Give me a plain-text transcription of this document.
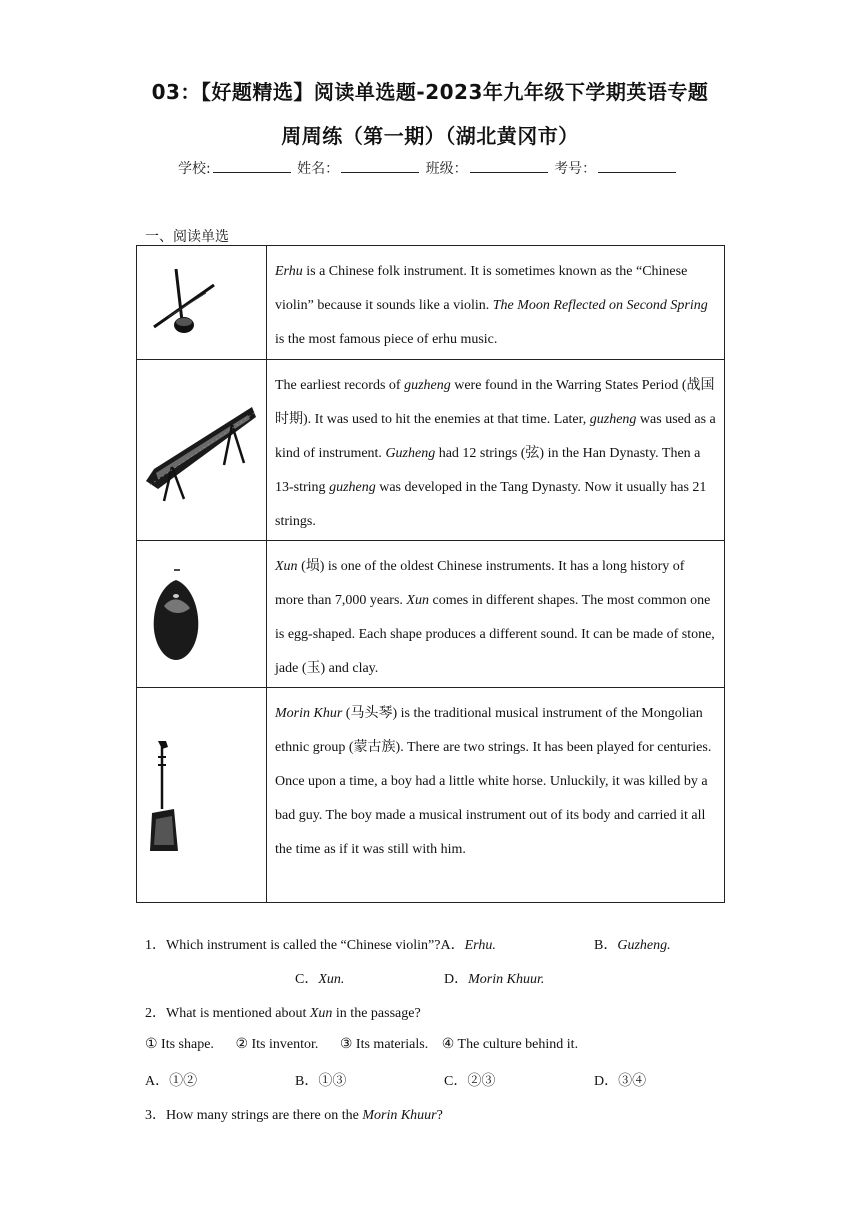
03：【好题精选】阅读单选题-2023年九年级下学期英语专题
周周练（第一期）（湖北黄冈市）
学校:	姓名：	班级：	考号：
一、阅读单选
	Erhu is a Chinese folk instrument. It is sometimes known as the “Chinese violin” because it sounds like a violin. The Moon Reflected on Second Spring is the most famous piece of erhu music.

	The earliest records of guzheng were found in the Warring States Period (战国时期). It was used to hit the enemies at that time. Later, guzheng was used as a kind of instrument. Guzheng had 12 strings (弦) in the Han Dynasty. Then a 13-string guzheng was developed in the Tang Dynasty. Now it usually has 21 strings.

	Xun (埙) is one of the oldest Chinese instruments. It has a long history of more than 7,000 years. Xun comes in different shapes. The most common one is egg-shaped. Each shape produces a different sound. It can be made of stone, jade (玉) and clay.

	Morin Khur (马头琴) is the traditional musical instrument of the Mongolian ethnic group (蒙古族). There are two strings. It has been played for centuries.
Once upon a time, a boy had a little white horse. Unluckily, it was killed by a bad guy. The boy made a musical instrument out of its body and carried it all the time as if it was still with him.
1．Which instrument is called the “Chinese violin”?A．Erhu.	B．Guzheng.
C．Xun.	D．Morin Khuur.
2．What is mentioned about Xun in the passage?
① Its shape. ② Its inventor. ③ Its materials. ④ The culture behind it.
A．①②	B．①③	C．②③	D．③④
3．How many strings are there on the Morin Khuur?
